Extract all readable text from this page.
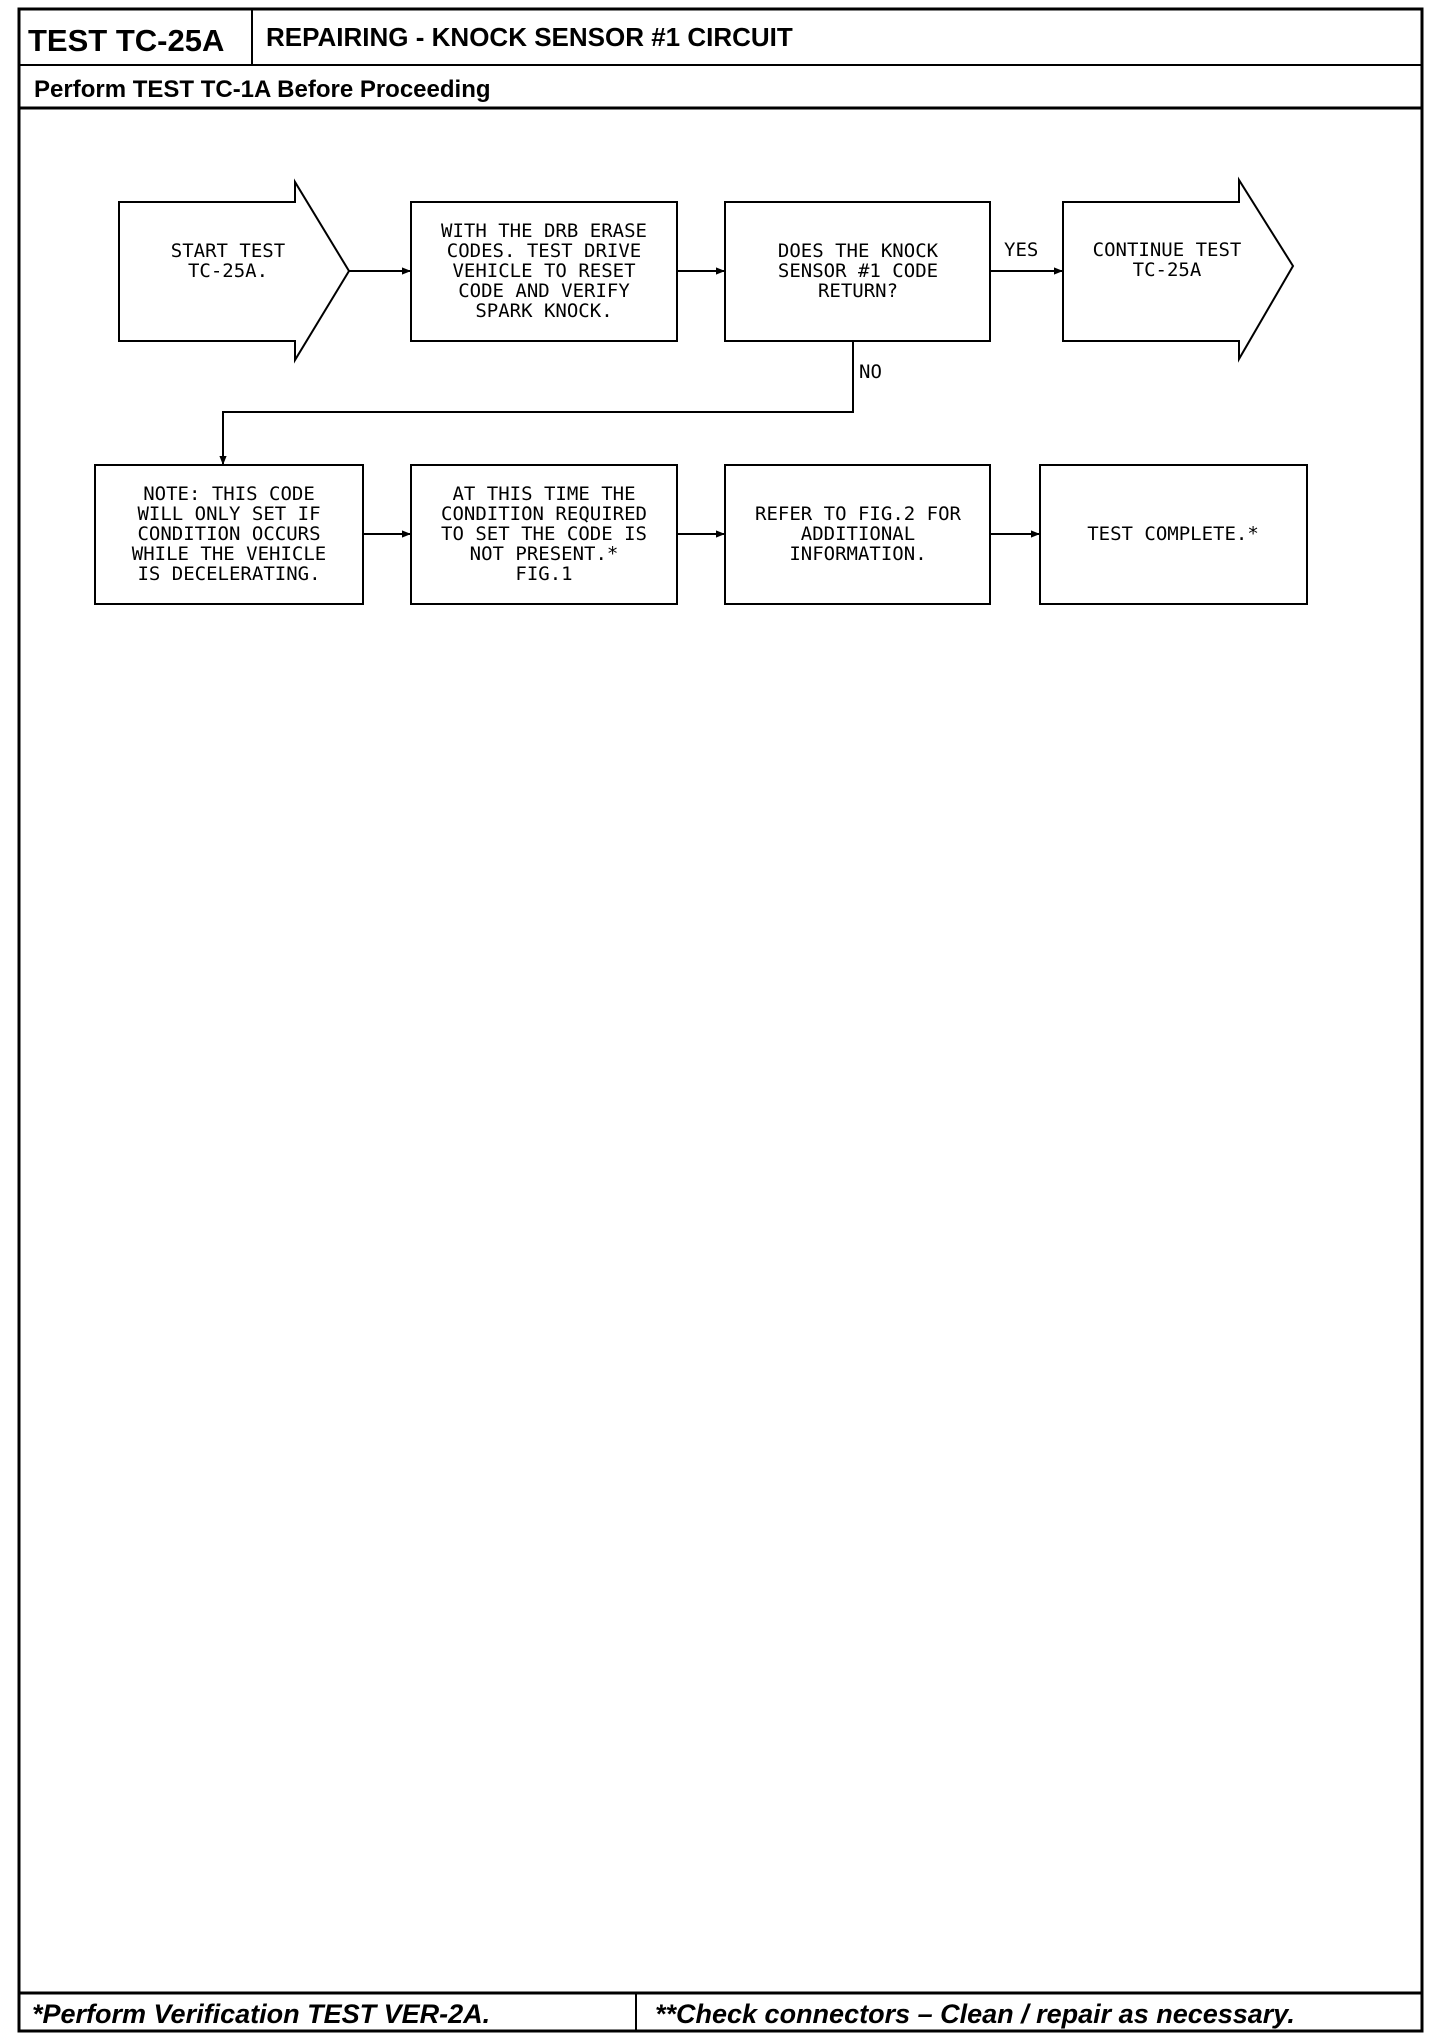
TEST TC-25A REPAIRING - KNOCK SENSOR #1 CIRCUIT
Perform TEST TC-1A Before Proceeding
YES
NO
START TEST TC-25A.
WITH THE DRB ERASE CODES. TEST DRIVE VEHICLE TO RESET CODE AND VERIFY SPARK KNOCK.
DOES THE KNOCK SENSOR #1 CODE RETURN?
CONTINUE TEST TC-25A
NOTE: THIS CODE WILL ONLY SET IF CONDITION OCCURS WHILE THE VEHICLE IS DECELERATING.
AT THIS TIME THE CONDITION REQUIRED TO SET THE CODE IS NOT PRESENT.* FIG.1
REFER TO FIG.2 FOR ADDITIONAL INFORMATION.
TEST COMPLETE.*
*Perform Verification TEST VER-2A.	**Check connectors – Clean / repair as necessary.
